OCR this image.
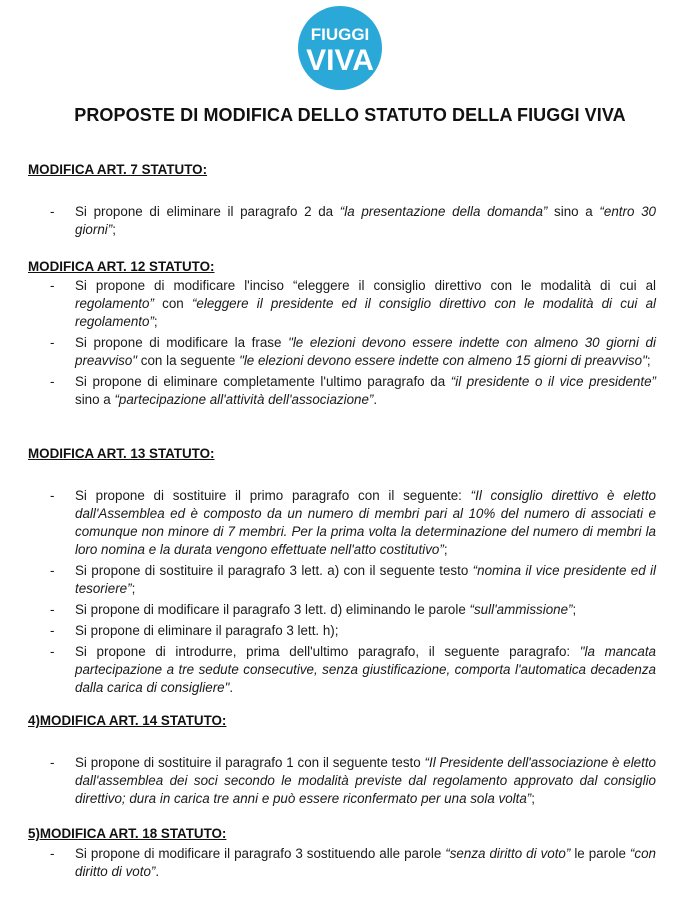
FIUGGI
VIVA
PROPOSTE DI MODIFICA DELLO STATUTO DELLA FIUGGI VIVA

MODIFICA ART. 7 STATUTO:

- Si propone di eliminare il paragrafo 2 da “la presentazione della domanda” sino a “entro 30 giorni”;

MODIFICA ART. 12 STATUTO:

- Si propone di modificare l'inciso “eleggere il consiglio direttivo con le modalità di cui al regolamento” con “eleggere il presidente ed il consiglio direttivo con le modalità di cui al regolamento”;
- Si propone di modificare la frase "le elezioni devono essere indette con almeno 30 giorni di preavviso" con la seguente "le elezioni devono essere indette con almeno 15 giorni di preavviso";
- Si propone di eliminare completamente l'ultimo paragrafo da “il presidente o il vice presidente” sino a “partecipazione all'attività dell'associazione”.

MODIFICA ART. 13 STATUTO:

- Si propone di sostituire il primo paragrafo con il seguente: “Il consiglio direttivo è eletto dall'Assemblea ed è composto da un numero di membri pari al 10% del numero di associati e comunque non minore di 7 membri. Per la prima volta la determinazione del numero di membri la loro nomina e la durata vengono effettuate nell'atto costitutivo”;
- Si propone di sostituire il paragrafo 3 lett. a) con il seguente testo “nomina il vice presidente ed il tesoriere”;
- Si propone di modificare il paragrafo 3 lett. d) eliminando le parole “sull'ammissione”;
- Si propone di eliminare il paragrafo 3 lett. h);
- Si propone di introdurre, prima dell'ultimo paragrafo, il seguente paragrafo: "la mancata partecipazione a tre sedute consecutive, senza giustificazione, comporta l'automatica decadenza dalla carica di consigliere".

4)MODIFICA ART. 14 STATUTO:

- Si propone di sostituire il paragrafo 1 con il seguente testo “Il Presidente dell'associazione è eletto dall'assemblea dei soci secondo le modalità previste dal regolamento approvato dal consiglio direttivo; dura in carica tre anni e può essere riconfermato per una sola volta”;

5)MODIFICA ART. 18 STATUTO:

- Si propone di modificare il paragrafo 3 sostituendo alle parole “senza diritto di voto” le parole “con diritto di voto”.
